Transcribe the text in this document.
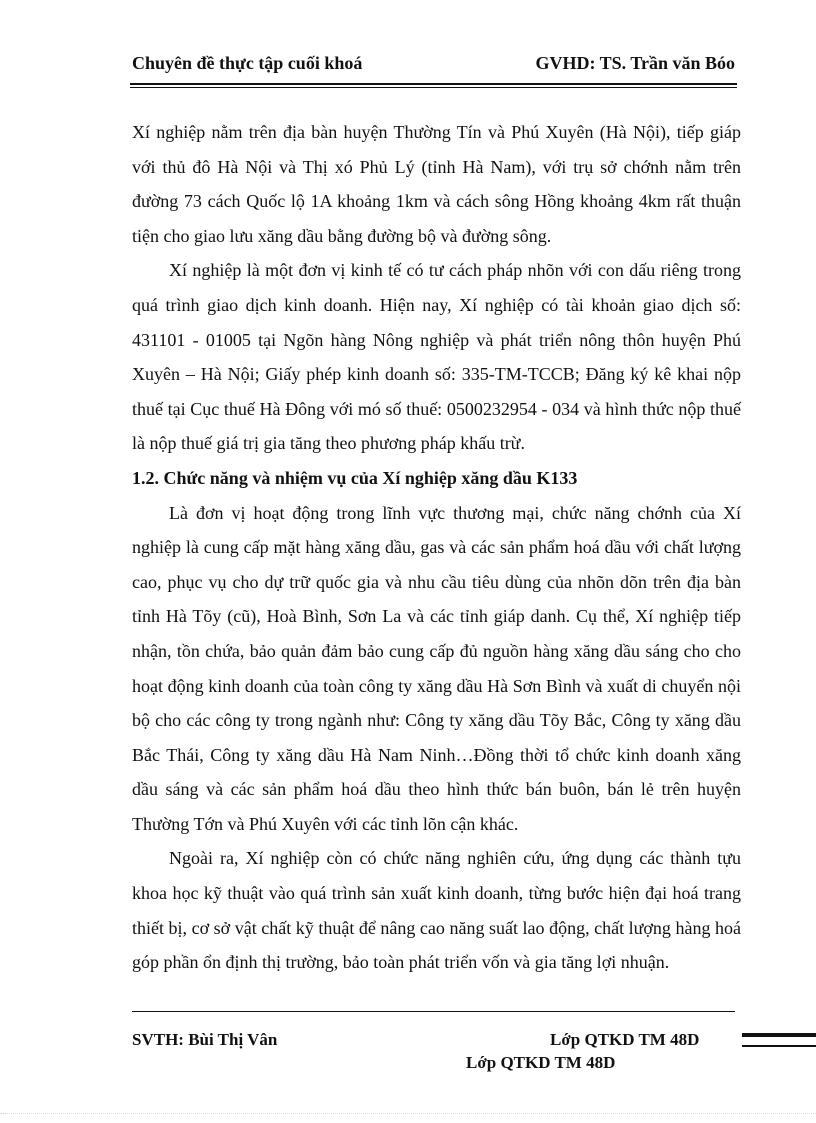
Chuyên đề thực tập cuối khoá	GVHD: TS. Trần văn Bóo

Xí nghiệp nằm trên địa bàn huyện Thường Tín và Phú Xuyên (Hà Nội), tiếp giáp với thủ đô Hà Nội và Thị xó Phủ Lý (tỉnh Hà Nam), với trụ sở chớnh nằm trên đường 73 cách Quốc lộ 1A khoảng 1km và cách sông Hồng khoảng 4km rất thuận tiện cho giao lưu xăng dầu bằng đường bộ và đường sông.

Xí nghiệp là một đơn vị kinh tế có tư cách pháp nhõn với con dấu riêng trong quá trình giao dịch kinh doanh. Hiện nay, Xí nghiệp có tài khoản giao dịch số: 431101 - 01005 tại Ngõn hàng Nông nghiệp và phát triển nông thôn huyện Phú Xuyên – Hà Nội; Giấy phép kinh doanh số: 335-TM-TCCB; Đăng ký kê khai nộp thuế tại Cục thuế Hà Đông với mó số thuế: 0500232954 - 034 và hình thức nộp thuế là nộp thuế giá trị gia tăng theo phương pháp khấu trừ.

1.2. Chức năng và nhiệm vụ của Xí nghiệp xăng dầu K133

Là đơn vị hoạt động trong lĩnh vực thương mại, chức năng chớnh của Xí nghiệp là cung cấp mặt hàng xăng dầu, gas và các sản phẩm hoá dầu với chất lượng cao, phục vụ cho dự trữ quốc gia và nhu cầu tiêu dùng của nhõn dõn trên địa bàn tỉnh Hà Tõy (cũ), Hoà Bình, Sơn La và các tỉnh giáp danh. Cụ thể, Xí nghiệp tiếp nhận, tồn chứa, bảo quản đảm bảo cung cấp đủ nguồn hàng xăng dầu sáng cho cho hoạt động kinh doanh của toàn công ty xăng dầu Hà Sơn Bình và xuất di chuyển nội bộ cho các công ty trong ngành như: Công ty xăng dầu Tõy Bắc, Công ty xăng dầu Bắc Thái, Công ty xăng dầu Hà Nam Ninh…Đồng thời tổ chức kinh doanh xăng dầu sáng và các sản phẩm hoá dầu theo hình thức bán buôn, bán lẻ trên huyện Thường Tớn và Phú Xuyên với các tỉnh lõn cận khác.

Ngoài ra, Xí nghiệp còn có chức năng nghiên cứu, ứng dụng các thành tựu khoa học kỹ thuật vào quá trình sản xuất kinh doanh, từng bước hiện đại hoá trang thiết bị, cơ sở vật chất kỹ thuật để nâng cao năng suất lao động, chất lượng hàng hoá góp phần ổn định thị trường, bảo toàn phát triển vốn và gia tăng lợi nhuận.

SVTH: Bùi Thị Vân	Lớp QTKD TM 48D
Lớp QTKD TM 48D
